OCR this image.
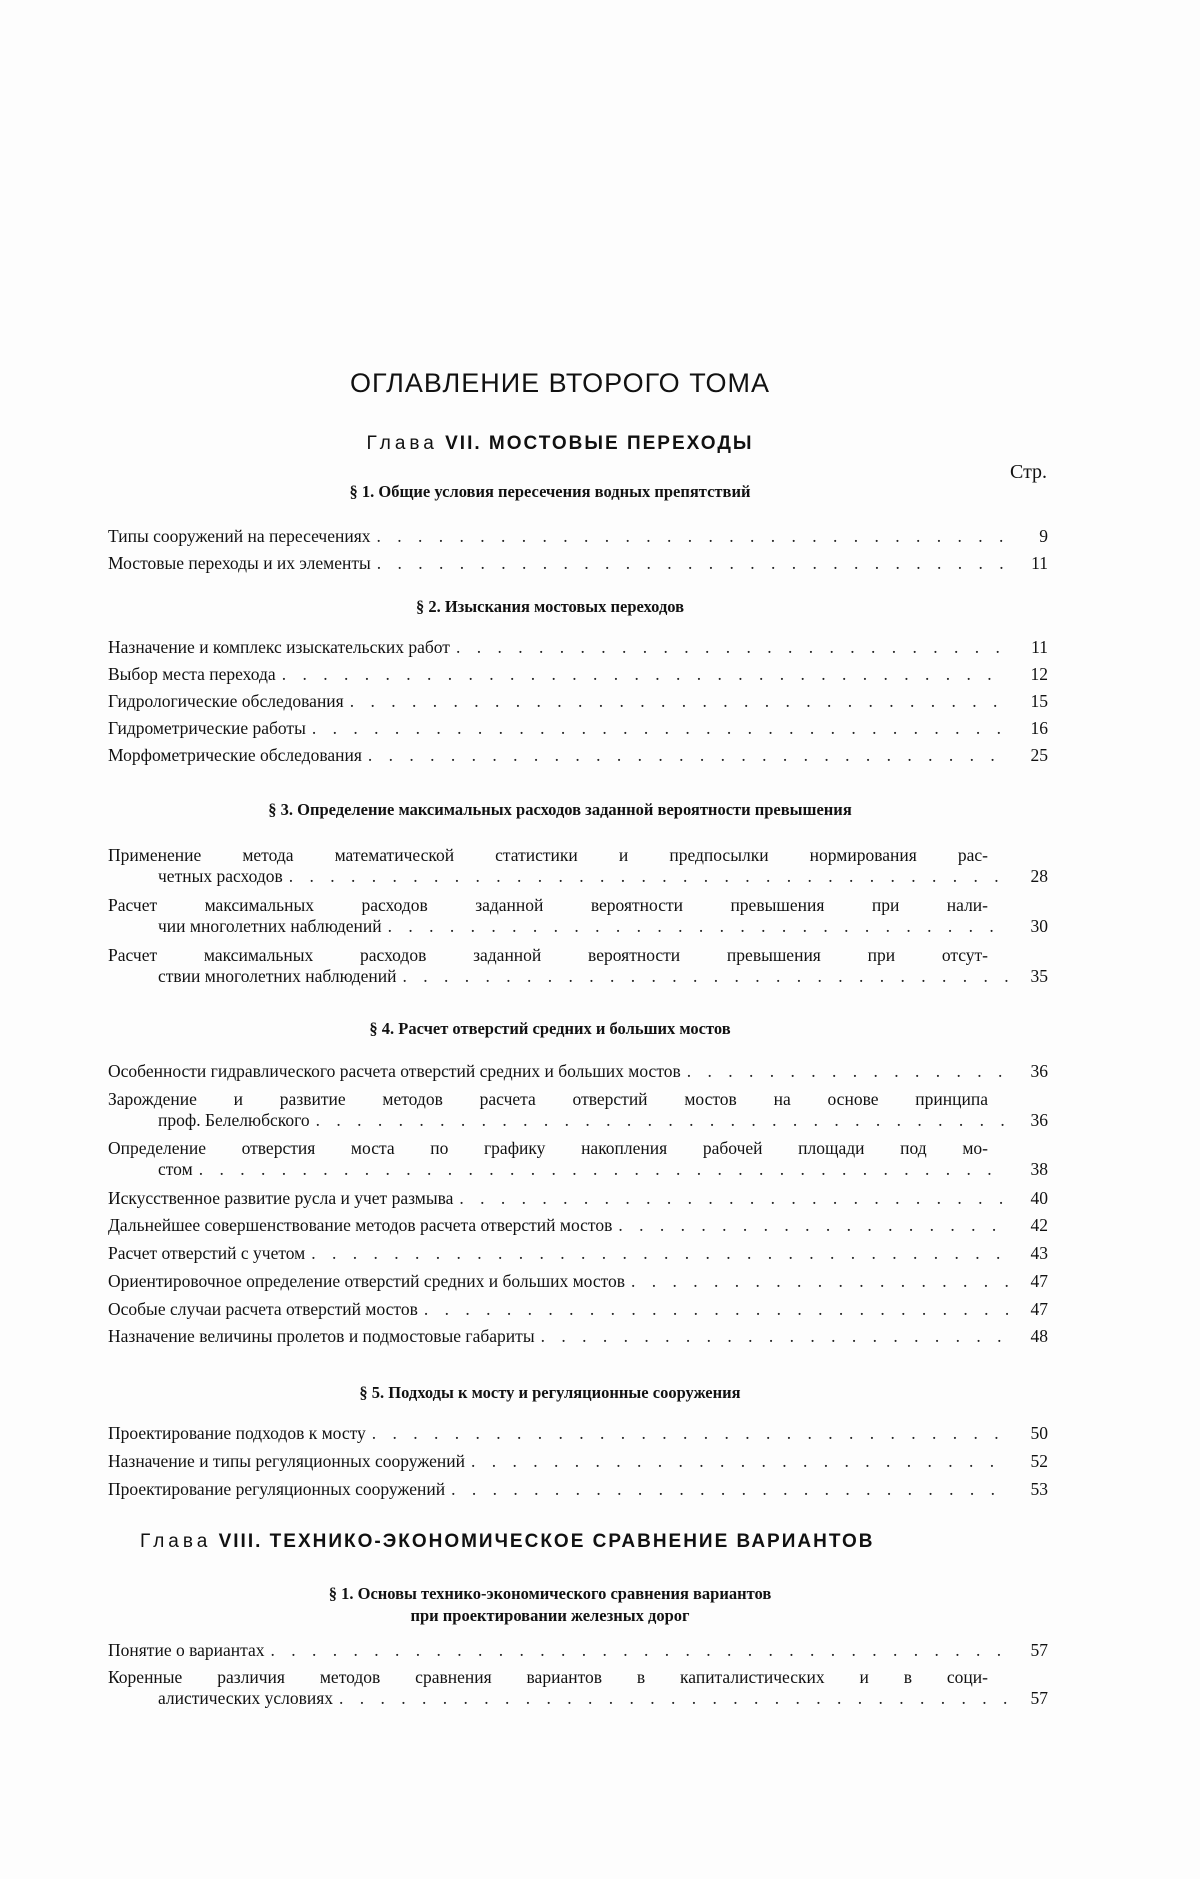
ОГЛАВЛЕНИЕ ВТОРОГО ТОМА
Глава VII. МОСТОВЫЕ ПЕРЕХОДЫ
Стр.
§ 1. Общие условия пересечения водных препятствий
Типы сооружений на пересечениях . . .	9
Мостовые переходы и их элементы . . .	11
§ 2. Изыскания мостовых переходов
Назначение и комплекс изыскательских работ . . .	11
Выбор места перехода . . .	12
Гидрологические обследования . . .	15
Гидрометрические работы . . .	16
Морфометрические обследования . . .	25
§ 3. Определение максимальных расходов заданной вероятности превышения
Применение метода математической статистики и предпосылки нормирования рас-
четных расходов . . .	28
Расчет максимальных расходов заданной вероятности превышения при нали-
чии многолетних наблюдений . . .	30
Расчет максимальных расходов заданной вероятности превышения при отсут-
ствии многолетних наблюдений . . .	35
§ 4. Расчет отверстий средних и больших мостов
Особенности гидравлического расчета отверстий средних и больших мостов . . .	36
Зарождение и развитие методов расчета отверстий мостов на основе принципа
проф. Белелюбского . . .	36
Определение отверстия моста по графику накопления рабочей площади под мо-
стом . . .	38
Искусственное развитие русла и учет размыва . . .	40
Дальнейшее совершенствование методов расчета отверстий мостов . . .	42
Расчет отверстий с учетом . . .	43
Ориентировочное определение отверстий средних и больших мостов . . .	47
Особые случаи расчета отверстий мостов . . .	47
Назначение величины пролетов и подмостовые габариты . . .	48
§ 5. Подходы к мосту и регуляционные сооружения
Проектирование подходов к мосту . . .	50
Назначение и типы регуляционных сооружений . . .	52
Проектирование регуляционных сооружений . . .	53
Глава VIII. ТЕХНИКО-ЭКОНОМИЧЕСКОЕ СРАВНЕНИЕ ВАРИАНТОВ
§ 1. Основы технико-экономического сравнения вариантов
при проектировании железных дорог
Понятие о вариантах . . .	57
Коренные различия методов сравнения вариантов в капиталистических и в соци-
алистических условиях . . .	57
